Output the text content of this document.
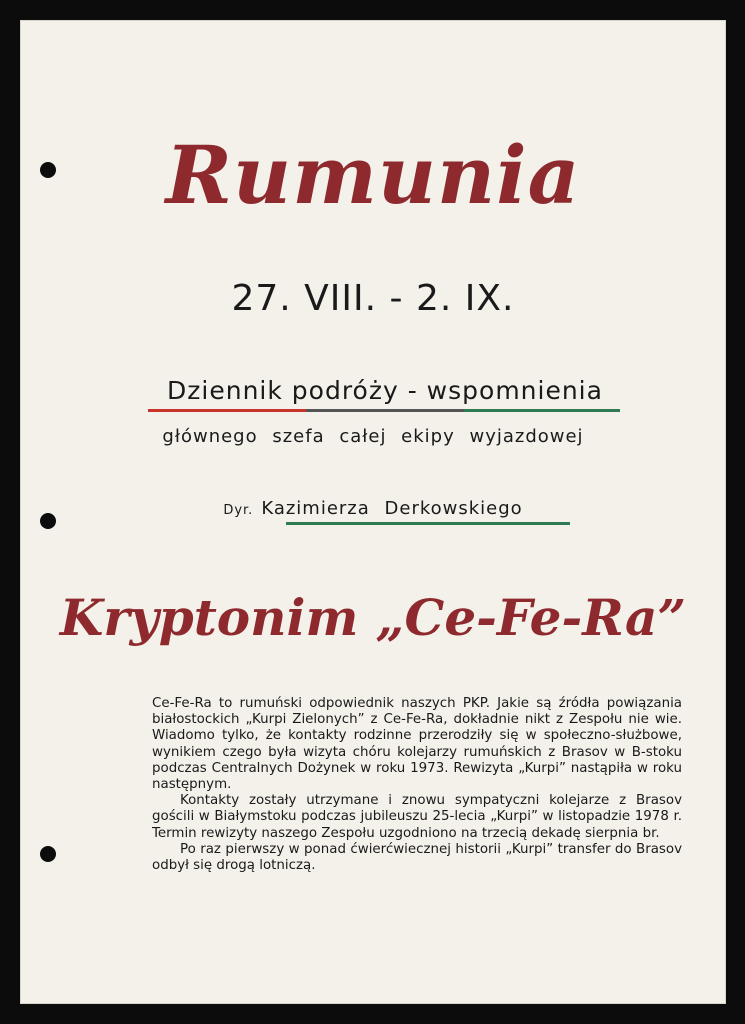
Rumunia
27. VIII. - 2. IX.
Dziennik podróży - wspomnienia
głównego szefa całej ekipy wyjazdowej
Dyr. Kazimierza Derkowskiego
Kryptonim „Ce-Fe-Ra”

Ce-Fe-Ra to rumuński odpowiednik naszych PKP. Jakie są źródła powiązania białostockich „Kurpi Zielonych” z Ce-Fe-Ra, dokładnie nikt z Zespołu nie wie. Wiadomo tylko, że kontakty rodzinne przerodziły się w społeczno-służbowe, wynikiem czego była wizyta chóru kolejarzy rumuńskich z Brasov w B-stoku podczas Centralnych Dożynek w roku 1973. Rewizyta „Kurpi” nastąpiła w roku następnym.

Kontakty zostały utrzymane i znowu sympatyczni kolejarze z Brasov gościli w Białymstoku podczas jubileuszu 25-lecia „Kurpi” w listopadzie 1978 r. Termin rewizyty naszego Zespołu uzgodniono na trzecią dekadę sierpnia br.

Po raz pierwszy w ponad ćwierćwiecznej historii „Kurpi” transfer do Brasov odbył się drogą lotniczą.
